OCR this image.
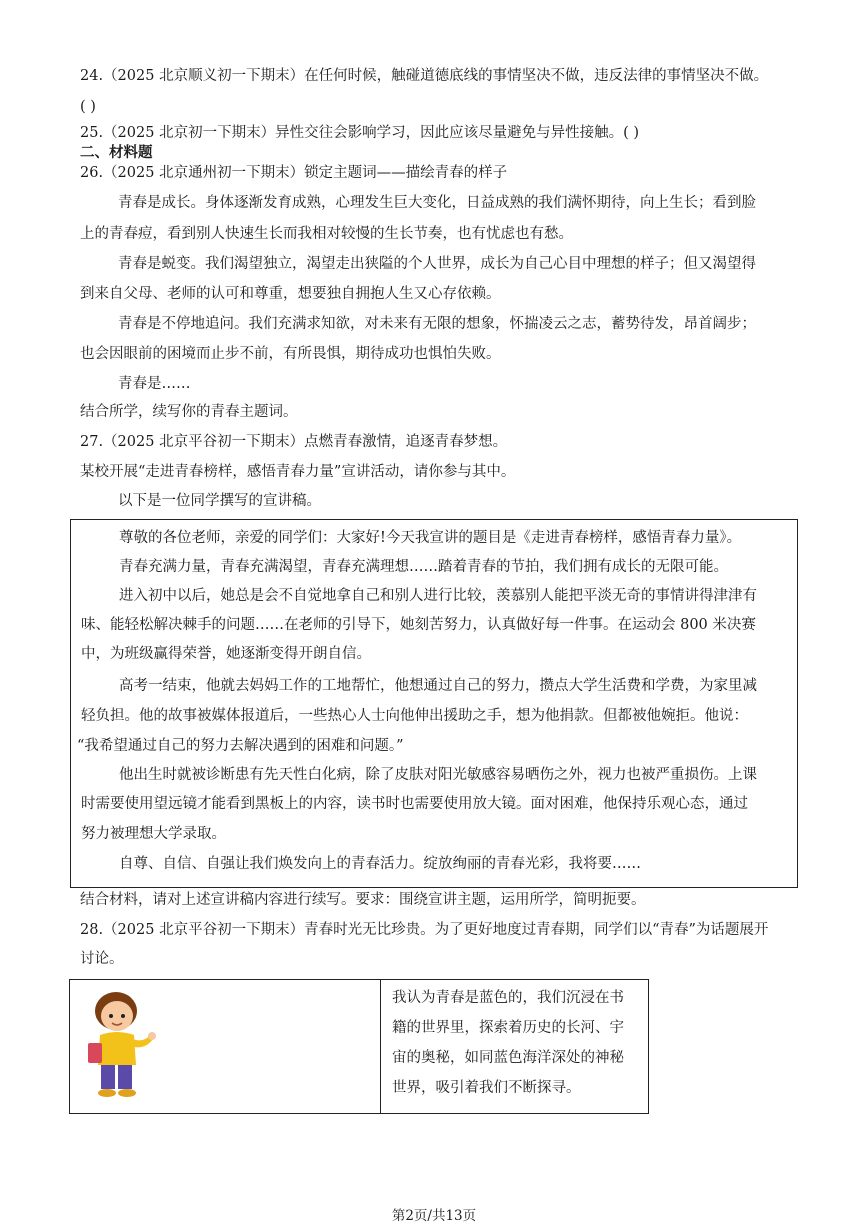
24.（2025 北京顺义初一下期末）在任何时候，触碰道德底线的事情坚决不做，违反法律的事情坚决不做。
( )
25.（2025 北京初一下期末）异性交往会影响学习，因此应该尽量避免与异性接触。( )
二、材料题
26.（2025 北京通州初一下期末）锁定主题词——描绘青春的样子
青春是成长。身体逐渐发育成熟，心理发生巨大变化，日益成熟的我们满怀期待，向上生长；看到脸
上的青春痘，看到别人快速生长而我相对较慢的生长节奏，也有忧虑也有愁。
青春是蜕变。我们渴望独立，渴望走出狭隘的个人世界，成长为自己心目中理想的样子；但又渴望得
到来自父母、老师的认可和尊重，想要独自拥抱人生又心存依赖。
青春是不停地追问。我们充满求知欲，对未来有无限的想象，怀揣凌云之志，蓄势待发，昂首阔步；
也会因眼前的困境而止步不前，有所畏惧，期待成功也惧怕失败。
青春是……
结合所学，续写你的青春主题词。
27.（2025 北京平谷初一下期末）点燃青春激情，追逐青春梦想。
某校开展“走进青春榜样，感悟青春力量”宣讲活动，请你参与其中。
以下是一位同学撰写的宣讲稿。
尊敬的各位老师，亲爱的同学们：大家好!今天我宣讲的题目是《走进青春榜样，感悟青春力量》。
青春充满力量，青春充满渴望，青春充满理想……踏着青春的节拍，我们拥有成长的无限可能。
进入初中以后，她总是会不自觉地拿自己和别人进行比较，羡慕别人能把平淡无奇的事情讲得津津有
味、能轻松解决棘手的问题……在老师的引导下，她刻苦努力，认真做好每一件事。在运动会 800 米决赛
中，为班级赢得荣誉，她逐渐变得开朗自信。
高考一结束，他就去妈妈工作的工地帮忙，他想通过自己的努力，攒点大学生活费和学费，为家里减
轻负担。他的故事被媒体报道后，一些热心人士向他伸出援助之手，想为他捐款。但都被他婉拒。他说：
“我希望通过自己的努力去解决遇到的困难和问题。”
他出生时就被诊断患有先天性白化病，除了皮肤对阳光敏感容易晒伤之外，视力也被严重损伤。上课
时需要使用望远镜才能看到黑板上的内容，读书时也需要使用放大镜。面对困难，他保持乐观心态，通过
努力被理想大学录取。
自尊、自信、自强让我们焕发向上的青春活力。绽放绚丽的青春光彩，我将要……
结合材料，请对上述宣讲稿内容进行续写。要求：围绕宣讲主题，运用所学，简明扼要。
28.（2025 北京平谷初一下期末）青春时光无比珍贵。为了更好地度过青春期，同学们以“青春”为话题展开
讨论。
我认为青春是蓝色的，我们沉浸在书
籍的世界里，探索着历史的长河、宇
宙的奥秘，如同蓝色海洋深处的神秘
世界，吸引着我们不断探寻。
第2页/共13页
